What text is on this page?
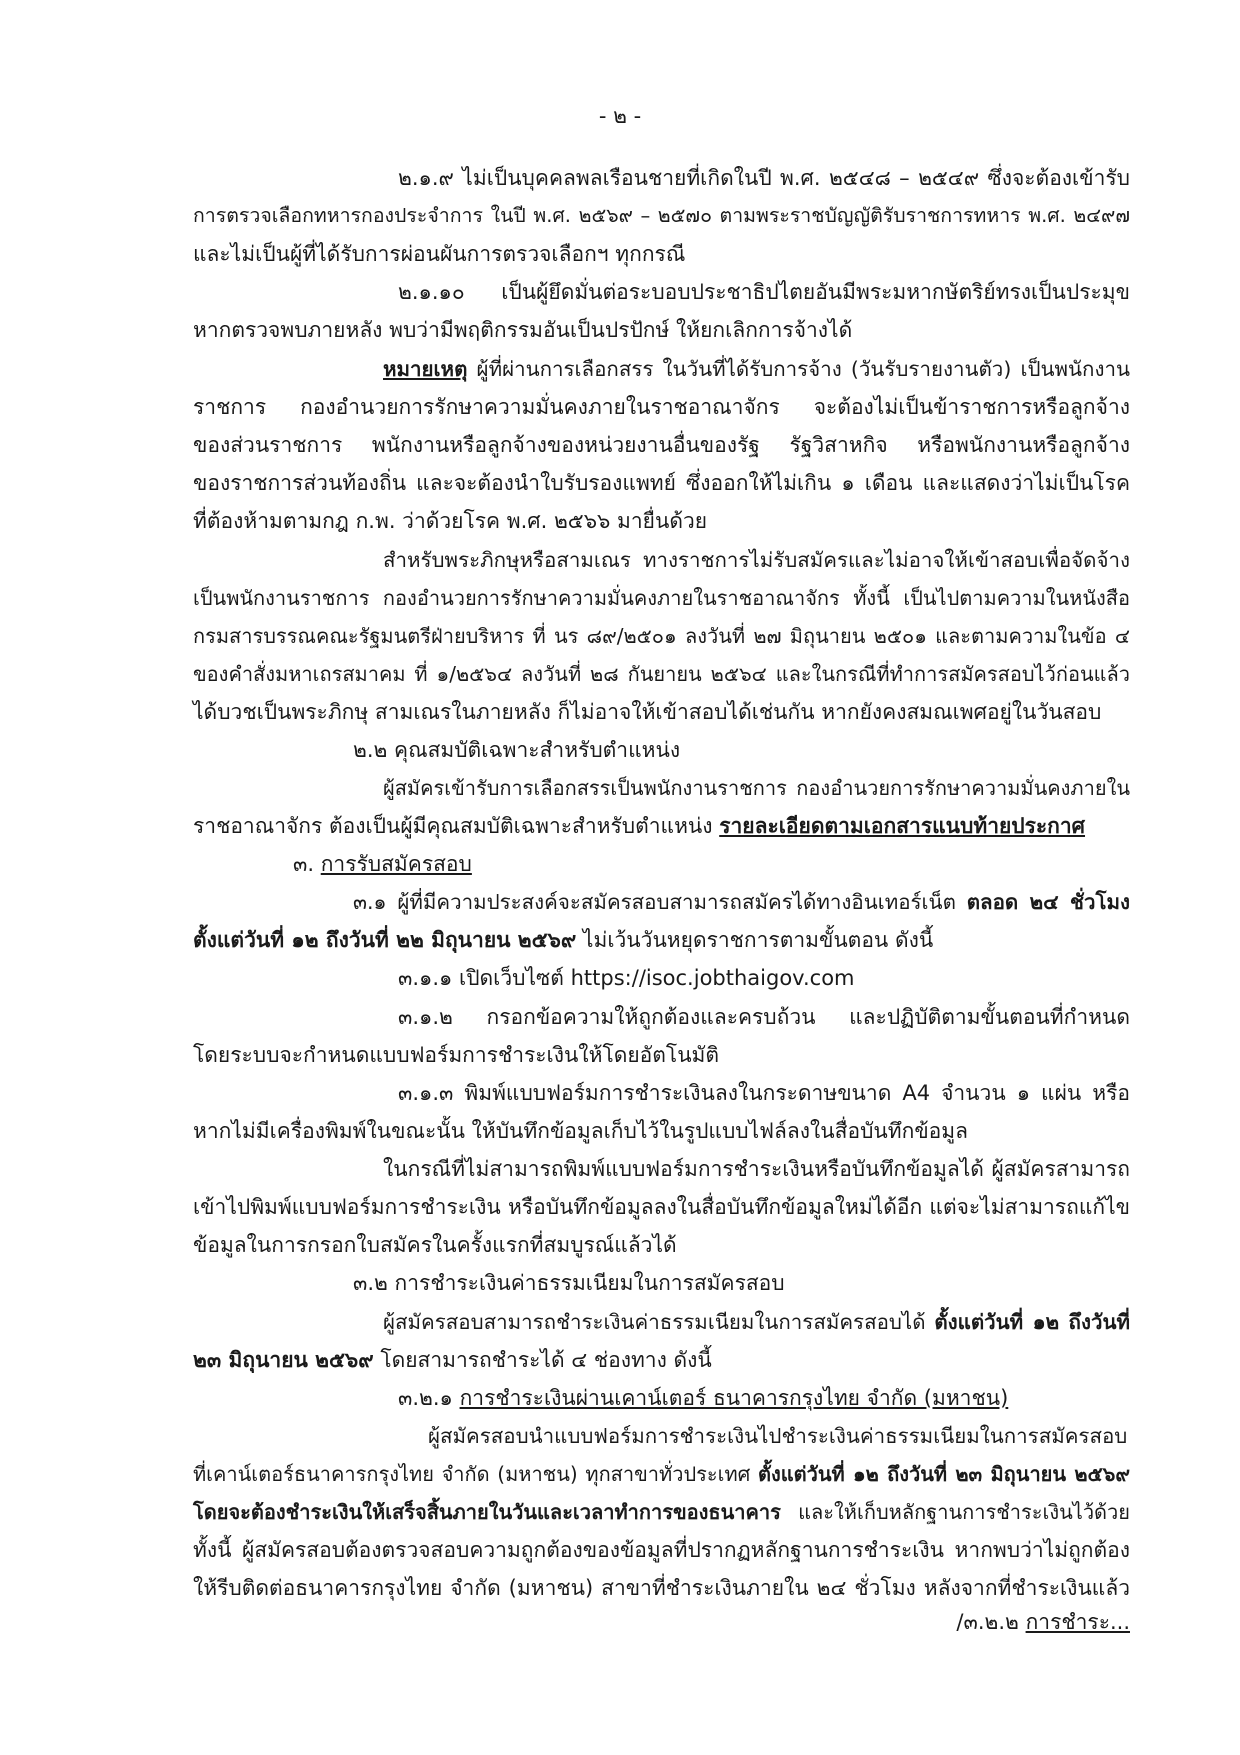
- ๒ -
๒.๑.๙ ไม่เป็นบุคคลพลเรือนชายที่เกิดในปี พ.ศ. ๒๕๔๘ – ๒๕๔๙ ซึ่งจะต้องเข้ารับ
การตรวจเลือกทหารกองประจำการ ในปี พ.ศ. ๒๕๖๙ – ๒๕๗๐ ตามพระราชบัญญัติรับราชการทหาร พ.ศ. ๒๔๙๗
และไม่เป็นผู้ที่ได้รับการผ่อนผันการตรวจเลือกฯ ทุกกรณี
๒.๑.๑๐ เป็นผู้ยึดมั่นต่อระบอบประชาธิปไตยอันมีพระมหากษัตริย์ทรงเป็นประมุข
หากตรวจพบภายหลัง พบว่ามีพฤติกรรมอันเป็นปรปักษ์ ให้ยกเลิกการจ้างได้
หมายเหตุ ผู้ที่ผ่านการเลือกสรร ในวันที่ได้รับการจ้าง (วันรับรายงานตัว) เป็นพนักงาน
ราชการ กองอำนวยการรักษาความมั่นคงภายในราชอาณาจักร จะต้องไม่เป็นข้าราชการหรือลูกจ้าง
ของส่วนราชการ พนักงานหรือลูกจ้างของหน่วยงานอื่นของรัฐ รัฐวิสาหกิจ หรือพนักงานหรือลูกจ้าง
ของราชการส่วนท้องถิ่น และจะต้องนำใบรับรองแพทย์ ซึ่งออกให้ไม่เกิน ๑ เดือน และแสดงว่าไม่เป็นโรค
ที่ต้องห้ามตามกฎ ก.พ. ว่าด้วยโรค พ.ศ. ๒๕๖๖ มายื่นด้วย
สำหรับพระภิกษุหรือสามเณร ทางราชการไม่รับสมัครและไม่อาจให้เข้าสอบเพื่อจัดจ้าง
เป็นพนักงานราชการ กองอำนวยการรักษาความมั่นคงภายในราชอาณาจักร ทั้งนี้ เป็นไปตามความในหนังสือ
กรมสารบรรณคณะรัฐมนตรีฝ่ายบริหาร ที่ นร ๘๙/๒๕๐๑ ลงวันที่ ๒๗ มิถุนายน ๒๕๐๑ และตามความในข้อ ๔
ของคำสั่งมหาเถรสมาคม ที่ ๑/๒๕๖๔ ลงวันที่ ๒๘ กันยายน ๒๕๖๔ และในกรณีที่ทำการสมัครสอบไว้ก่อนแล้ว
ได้บวชเป็นพระภิกษุ สามเณรในภายหลัง ก็ไม่อาจให้เข้าสอบได้เช่นกัน หากยังคงสมณเพศอยู่ในวันสอบ
๒.๒ คุณสมบัติเฉพาะสำหรับตำแหน่ง
ผู้สมัครเข้ารับการเลือกสรรเป็นพนักงานราชการ กองอำนวยการรักษาความมั่นคงภายใน
ราชอาณาจักร ต้องเป็นผู้มีคุณสมบัติเฉพาะสำหรับตำแหน่ง รายละเอียดตามเอกสารแนบท้ายประกาศ
๓. การรับสมัครสอบ
๓.๑ ผู้ที่มีความประสงค์จะสมัครสอบสามารถสมัครได้ทางอินเทอร์เน็ต ตลอด ๒๔ ชั่วโมง
ตั้งแต่วันที่ ๑๒ ถึงวันที่ ๒๒ มิถุนายน ๒๕๖๙ ไม่เว้นวันหยุดราชการตามขั้นตอน ดังนี้
๓.๑.๑ เปิดเว็บไซต์ https://isoc.jobthaigov.com
๓.๑.๒ กรอกข้อความให้ถูกต้องและครบถ้วน และปฏิบัติตามขั้นตอนที่กำหนด
โดยระบบจะกำหนดแบบฟอร์มการชำระเงินให้โดยอัตโนมัติ
๓.๑.๓ พิมพ์แบบฟอร์มการชำระเงินลงในกระดาษขนาด A4 จำนวน ๑ แผ่น หรือ
หากไม่มีเครื่องพิมพ์ในขณะนั้น ให้บันทึกข้อมูลเก็บไว้ในรูปแบบไฟล์ลงในสื่อบันทึกข้อมูล
ในกรณีที่ไม่สามารถพิมพ์แบบฟอร์มการชำระเงินหรือบันทึกข้อมูลได้ ผู้สมัครสามารถ
เข้าไปพิมพ์แบบฟอร์มการชำระเงิน หรือบันทึกข้อมูลลงในสื่อบันทึกข้อมูลใหม่ได้อีก แต่จะไม่สามารถแก้ไข
ข้อมูลในการกรอกใบสมัครในครั้งแรกที่สมบูรณ์แล้วได้
๓.๒ การชำระเงินค่าธรรมเนียมในการสมัครสอบ
ผู้สมัครสอบสามารถชำระเงินค่าธรรมเนียมในการสมัครสอบได้ ตั้งแต่วันที่ ๑๒ ถึงวันที่
๒๓ มิถุนายน ๒๕๖๙ โดยสามารถชำระได้ ๔ ช่องทาง ดังนี้
๓.๒.๑ การชำระเงินผ่านเคาน์เตอร์ ธนาคารกรุงไทย จำกัด (มหาชน)
ผู้สมัครสอบนำแบบฟอร์มการชำระเงินไปชำระเงินค่าธรรมเนียมในการสมัครสอบ
ที่เคาน์เตอร์ธนาคารกรุงไทย จำกัด (มหาชน) ทุกสาขาทั่วประเทศ ตั้งแต่วันที่ ๑๒ ถึงวันที่ ๒๓ มิถุนายน ๒๕๖๙
โดยจะต้องชำระเงินให้เสร็จสิ้นภายในวันและเวลาทำการของธนาคาร และให้เก็บหลักฐานการชำระเงินไว้ด้วย
ทั้งนี้ ผู้สมัครสอบต้องตรวจสอบความถูกต้องของข้อมูลที่ปรากฏหลักฐานการชำระเงิน หากพบว่าไม่ถูกต้อง
ให้รีบติดต่อธนาคารกรุงไทย จำกัด (มหาชน) สาขาที่ชำระเงินภายใน ๒๔ ชั่วโมง หลังจากที่ชำระเงินแล้ว
/๓.๒.๒ การชำระ...
